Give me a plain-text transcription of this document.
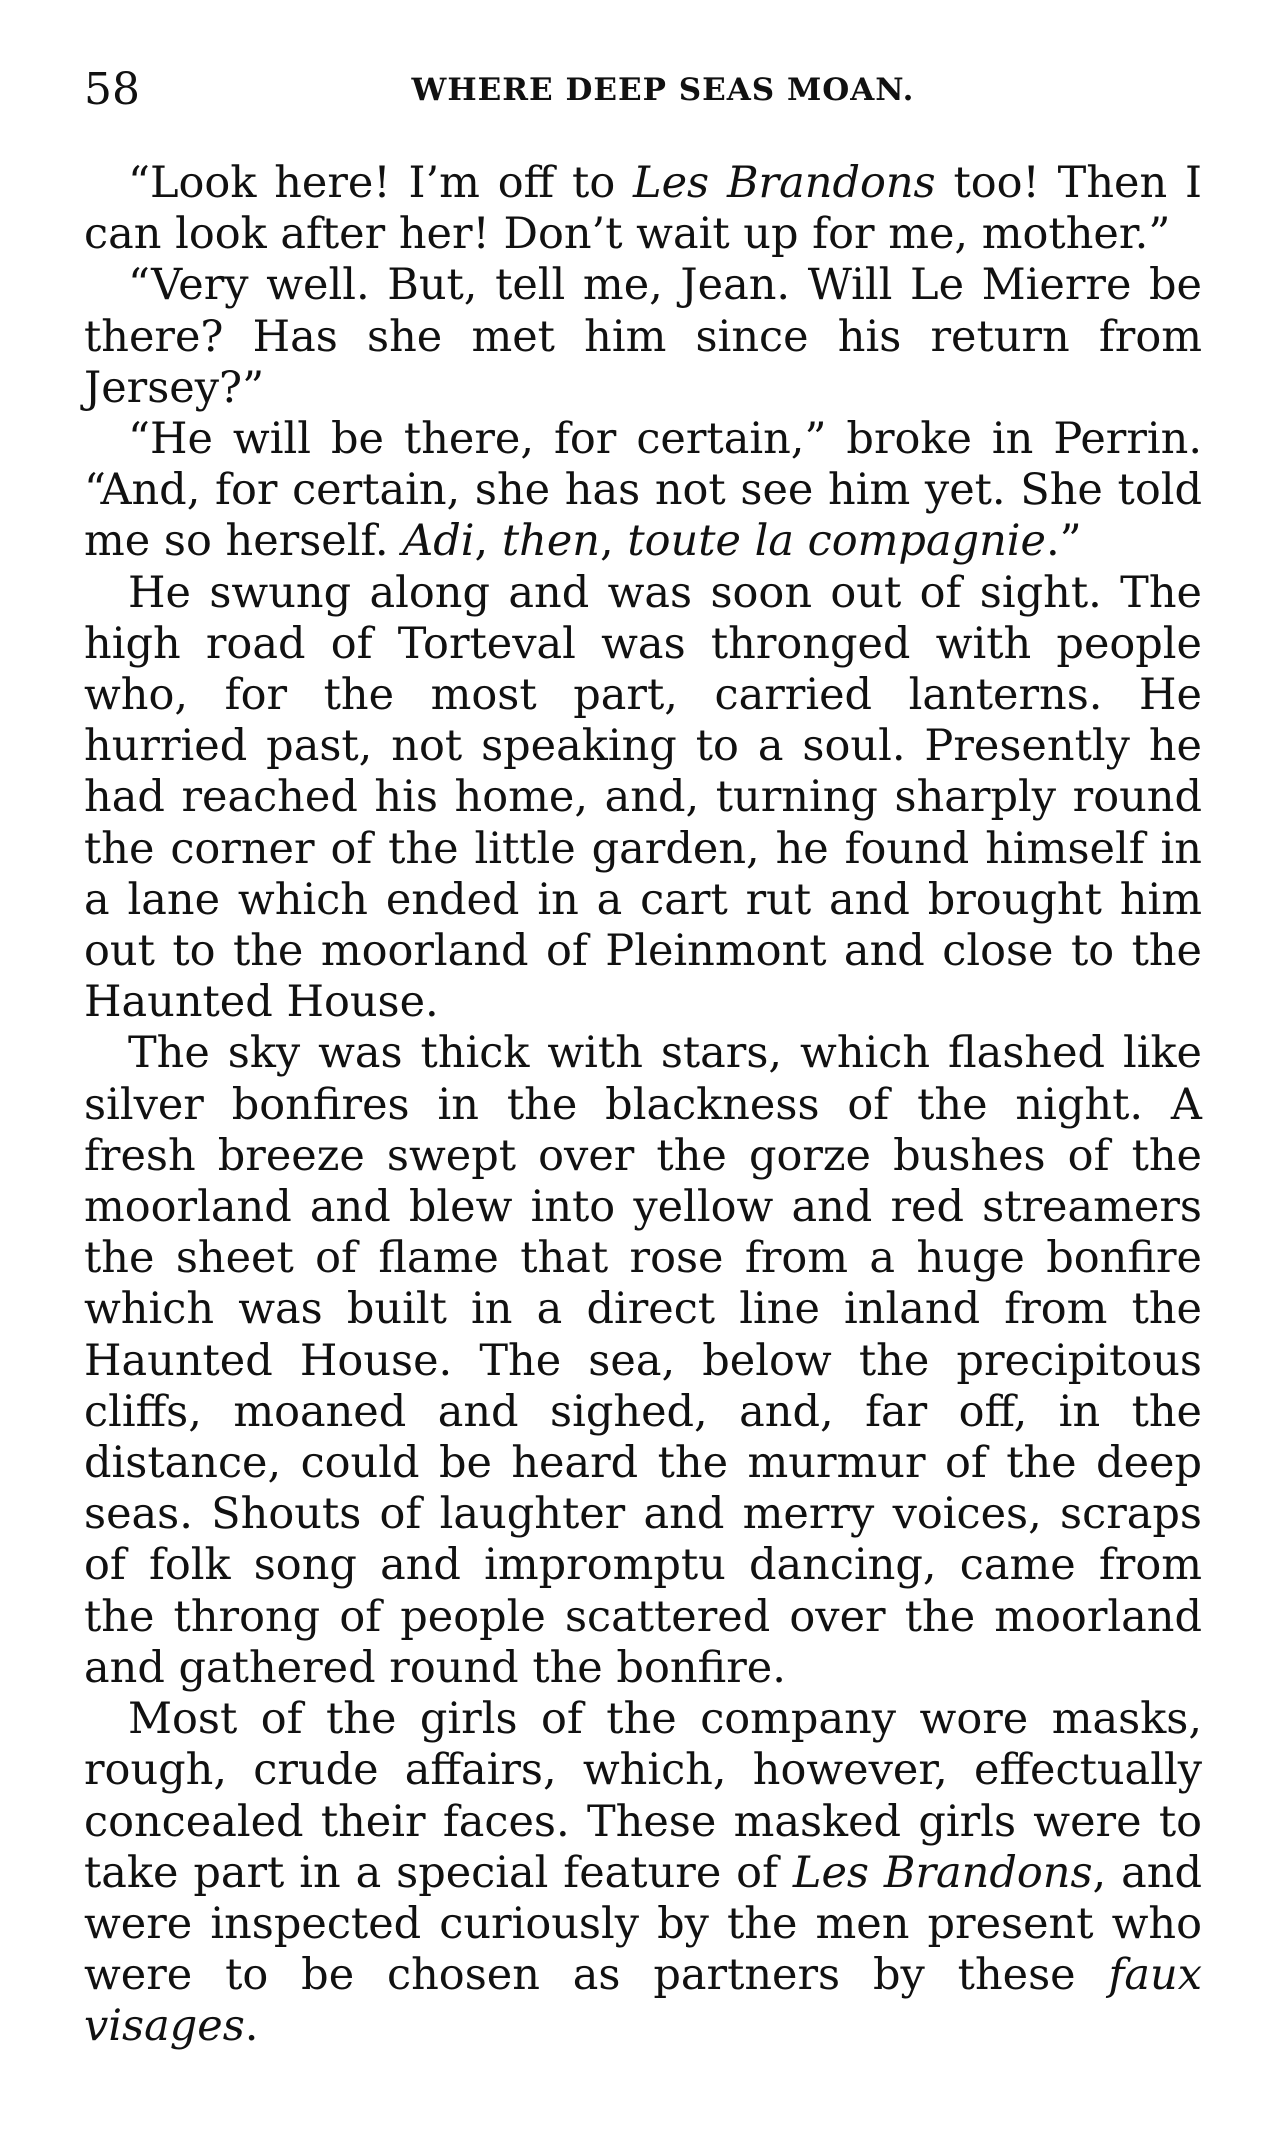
58	WHERE DEEP SEAS MOAN.

“Look here! I’m off to Les Brandons too! Then I can look after her! Don’t wait up for me, mother.”

“Very well. But, tell me, Jean. Will Le Mierre be there? Has she met him since his return from Jersey?”

“He will be there, for certain,” broke in Perrin. “And, for certain, she has not see him yet. She told me so herself. Adi, then, toute la compagnie.”

He swung along and was soon out of sight. The high road of Torteval was thronged with people who, for the most part, carried lanterns. He hurried past, not speaking to a soul. Presently he had reached his home, and, turning sharply round the corner of the little garden, he found himself in a lane which ended in a cart rut and brought him out to the moorland of Pleinmont and close to the Haunted House.

The sky was thick with stars, which flashed like silver bonfires in the blackness of the night. A fresh breeze swept over the gorze bushes of the moorland and blew into yellow and red streamers the sheet of flame that rose from a huge bonfire which was built in a direct line inland from the Haunted House. The sea, below the precipitous cliffs, moaned and sighed, and, far off, in the distance, could be heard the murmur of the deep seas. Shouts of laughter and merry voices, scraps of folk song and impromptu dancing, came from the throng of people scattered over the moorland and gathered round the bonfire.

Most of the girls of the company wore masks, rough, crude affairs, which, however, effectually concealed their faces. These masked girls were to take part in a special feature of Les Brandons, and were inspected curiously by the men present who were to be chosen as partners by these faux visages.
